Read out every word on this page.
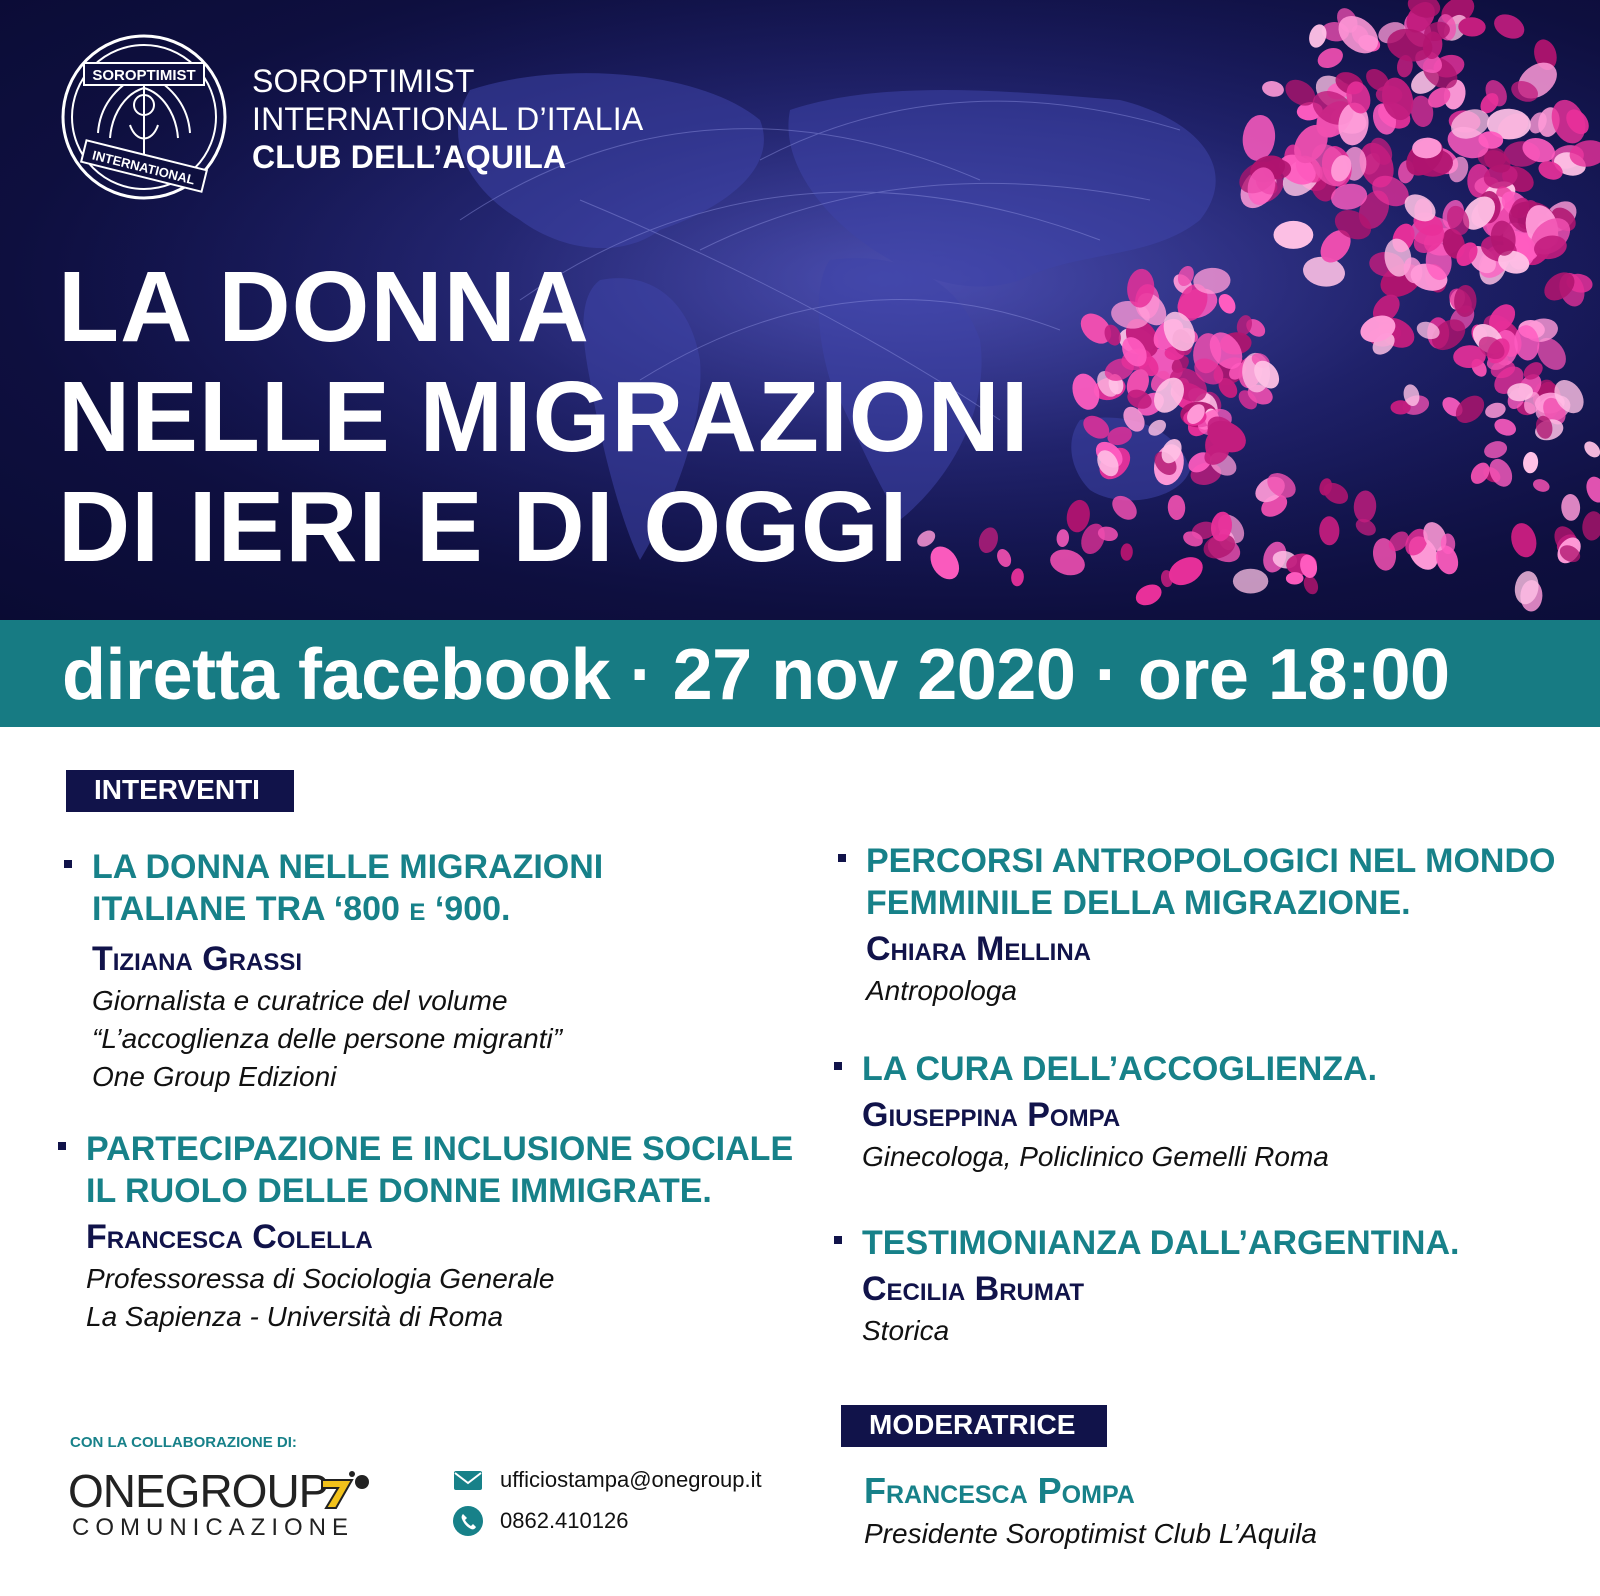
SOROPTIMIST
INTERNATIONAL
SOROPTIMIST
INTERNATIONAL D’ITALIA
CLUB DELL’AQUILA
LA DONNA
NELLE MIGRAZIONI
DI IERI E DI OGGI
diretta facebook · 27 nov 2020 · ore 18:00
INTERVENTI
LA DONNA NELLE MIGRAZIONI
ITALIANE TRA ‘800 E ‘900.
Tiziana Grassi
Giornalista e curatrice del volume
“L’accoglienza delle persone migranti”
One Group Edizioni
PARTECIPAZIONE E INCLUSIONE SOCIALE
IL RUOLO DELLE DONNE IMMIGRATE.
Francesca Colella
Professoressa di Sociologia Generale
La Sapienza - Università di Roma
PERCORSI ANTROPOLOGICI NEL MONDO
FEMMINILE DELLA MIGRAZIONE.
Chiara Mellina
Antropologa
LA CURA DELL’ACCOGLIENZA.
Giuseppina Pompa
Ginecologa, Policlinico Gemelli Roma
TESTIMONIANZA DALL’ARGENTINA.
Cecilia Brumat
Storica
MODERATRICE
Francesca Pompa
Presidente Soroptimist Club L’Aquila
CON LA COLLABORAZIONE DI:
ONEGROUP
COMUNICAZIONE
ufficiostampa@onegroup.it
0862.410126
